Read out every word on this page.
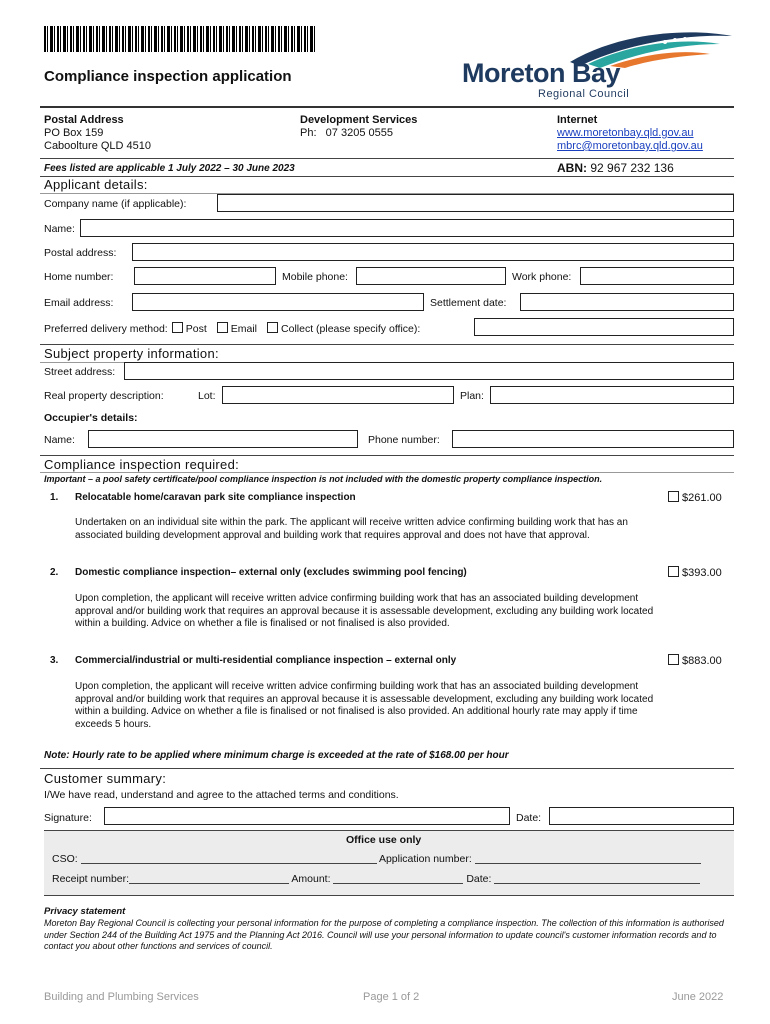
Compliance inspection application	Moreton Bay
Regional Council
Postal Address
PO Box 159
Caboolture QLD 4510
Development Services
Ph:   07 3205 0555
Internet
www.moretonbay.qld.gov.au
mbrc@moretonbay.qld.gov.au
Fees listed are applicable 1 July 2022 – 30 June 2023	ABN: 92 967 232 136
Applicant details:
Company name (if applicable):
Name:
Postal address:
Home number:	Mobile phone:	Work phone:
Email address:	Settlement date:
Preferred delivery method: Post Email Collect (please specify office):
Subject property information:
Street address:
Real property description:	Lot:	Plan:
Occupier's details:
Name:	Phone number:
Compliance inspection required:
Important – a pool safety certificate/pool compliance inspection is not included with the domestic property compliance inspection.
1. Relocatable home/caravan park site compliance inspection	$261.00
Undertaken on an individual site within the park. The applicant will receive written advice confirming building work that has an associated building development approval and building work that requires approval and does not have that approval.
2. Domestic compliance inspection– external only (excludes swimming pool fencing)	$393.00
Upon completion, the applicant will receive written advice confirming building work that has an associated building development approval and/or building work that requires an approval because it is assessable development, excluding any building work located within a building. Advice on whether a file is finalised or not finalised is also provided.
3. Commercial/industrial or multi-residential compliance inspection – external only	$883.00
Upon completion, the applicant will receive written advice confirming building work that has an associated building development approval and/or building work that requires an approval because it is assessable development, excluding any building work located within a building. Advice on whether a file is finalised or not finalised is also provided. An additional hourly rate may apply if time exceeds 5 hours.
Note: Hourly rate to be applied where minimum charge is exceeded at the rate of $168.00 per hour
Customer summary:
I/We have read, understand and agree to the attached terms and conditions.
Signature:	Date:
Office use only
CSO:	Application number:
Receipt number:	Amount:	Date:
Privacy statement
Moreton Bay Regional Council is collecting your personal information for the purpose of completing a compliance inspection. The collection of this information is authorised under Section 244 of the Building Act 1975 and the Planning Act 2016. Council will use your personal information to update council's customer information records and to contact you about other functions and services of council.
Building and Plumbing Services	Page 1 of 2	June 2022
